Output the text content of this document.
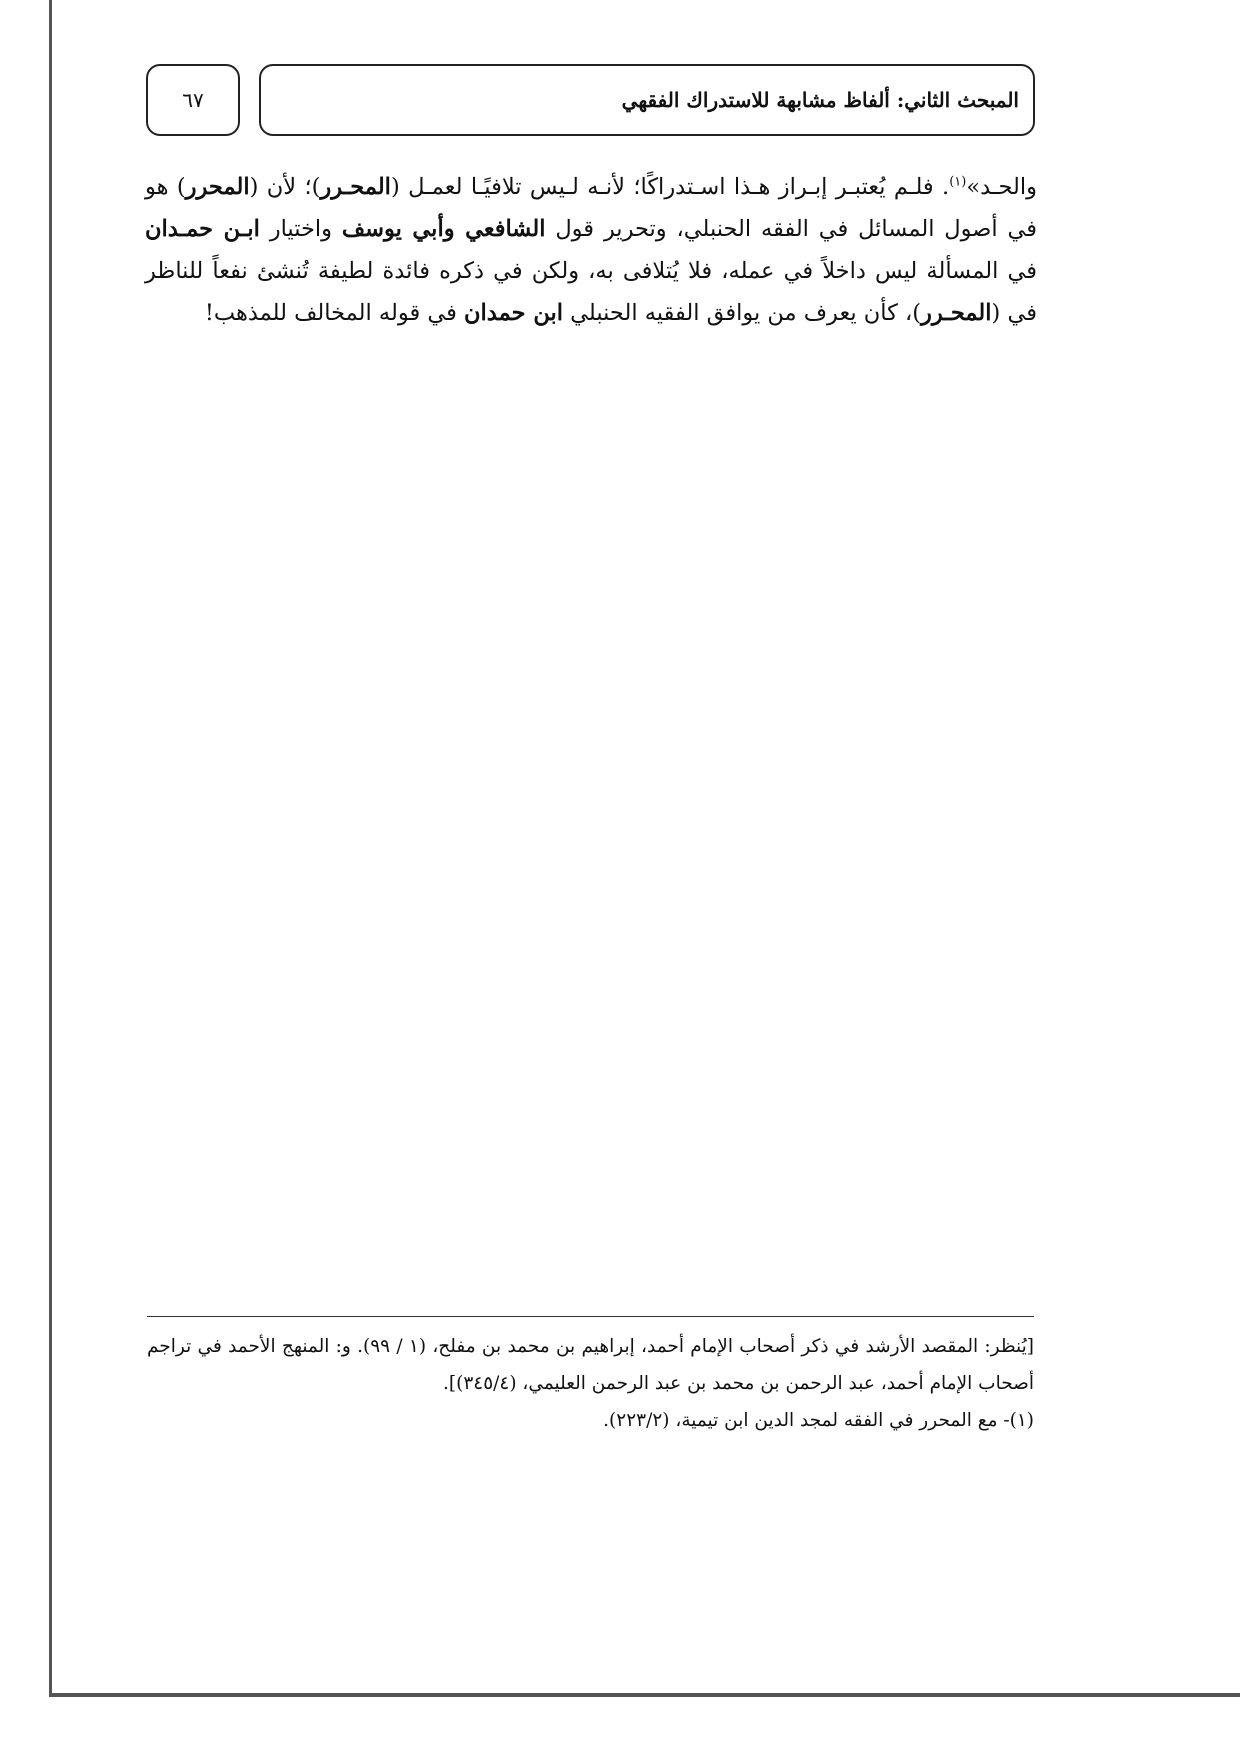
٦٧	المبحث الثاني: ألفاظ مشابهة للاستدراك الفقهي

والحـد»$^{(١)}$. فلـم يُعتبـر إبـراز هـذا اسـتدراكًا؛ لأنـه لـيس تلافيًـا لعمـل (المحـرر)؛ لأن (المحرر) هو في أصول المسائل في الفقه الحنبلي، وتحرير قول الشافعي وأبي يوسف واختيار ابـن حمـدان في المسألة ليس داخلاً في عمله، فلا يُتلافى به، ولكن في ذكره فائدة لطيفة تُنشئ نفعاً للناظر في (المحـرر)، كأن يعرف من يوافق الفقيه الحنبلي ابن حمدان في قوله المخالف للمذهب!

[يُنظر: المقصد الأرشد في ذكر أصحاب الإمام أحمد، إبراهيم بن محمد بن مفلح، (١ / ٩٩). و: المنهج الأحمد في تراجم أصحاب الإمام أحمد، عبد الرحمن بن محمد بن عبد الرحمن العليمي، (٣٤٥/٤)].

(١)- مع المحرر في الفقه لمجد الدين ابن تيمية، (٢٢٣/٢).
